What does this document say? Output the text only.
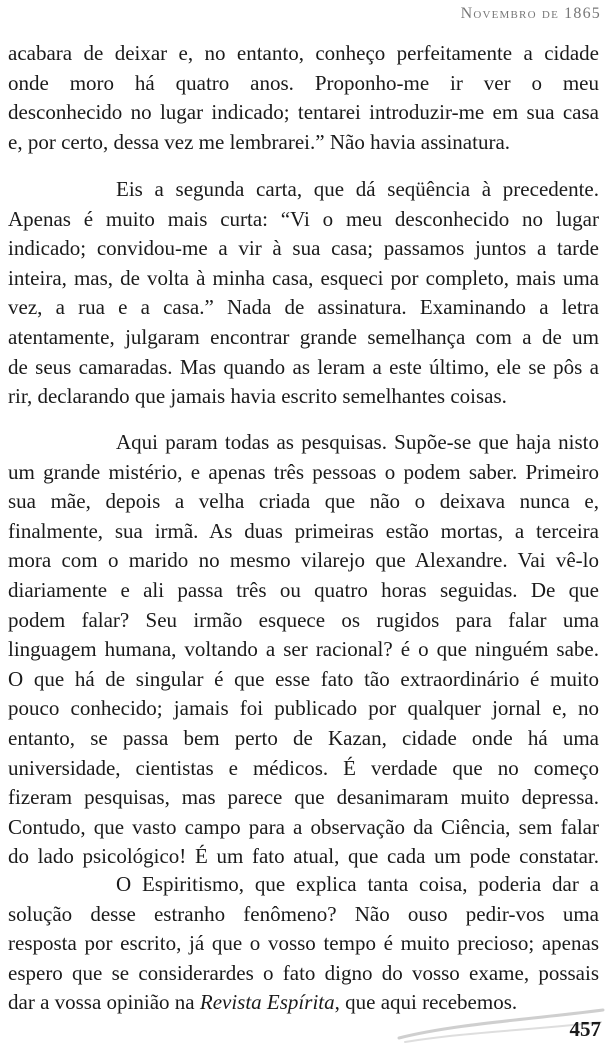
Novembro de 1865
acabara de deixar e, no entanto, conheço perfeitamente a cidade
onde moro há quatro anos. Proponho-me ir ver o meu
desconhecido no lugar indicado; tentarei introduzir-me em sua casa
e, por certo, dessa vez me lembrarei.” Não havia assinatura.
Eis a segunda carta, que dá seqüência à precedente.
Apenas é muito mais curta: “Vi o meu desconhecido no lugar
indicado; convidou-me a vir à sua casa; passamos juntos a tarde
inteira, mas, de volta à minha casa, esqueci por completo, mais uma
vez, a rua e a casa.” Nada de assinatura. Examinando a letra
atentamente, julgaram encontrar grande semelhança com a de um
de seus camaradas. Mas quando as leram a este último, ele se pôs a
rir, declarando que jamais havia escrito semelhantes coisas.
Aqui param todas as pesquisas. Supõe-se que haja nisto
um grande mistério, e apenas três pessoas o podem saber. Primeiro
sua mãe, depois a velha criada que não o deixava nunca e,
finalmente, sua irmã. As duas primeiras estão mortas, a terceira
mora com o marido no mesmo vilarejo que Alexandre. Vai vê-lo
diariamente e ali passa três ou quatro horas seguidas. De que
podem falar? Seu irmão esquece os rugidos para falar uma
linguagem humana, voltando a ser racional? é o que ninguém sabe.
O que há de singular é que esse fato tão extraordinário é muito
pouco conhecido; jamais foi publicado por qualquer jornal e, no
entanto, se passa bem perto de Kazan, cidade onde há uma
universidade, cientistas e médicos. É verdade que no começo
fizeram pesquisas, mas parece que desanimaram muito depressa.
Contudo, que vasto campo para a observação da Ciência, sem falar
do lado psicológico! É um fato atual, que cada um pode constatar.
O Espiritismo, que explica tanta coisa, poderia dar a
solução desse estranho fenômeno? Não ouso pedir-vos uma
resposta por escrito, já que o vosso tempo é muito precioso; apenas
espero que se considerardes o fato digno do vosso exame, possais
dar a vossa opinião na Revista Espírita, que aqui recebemos.
457
